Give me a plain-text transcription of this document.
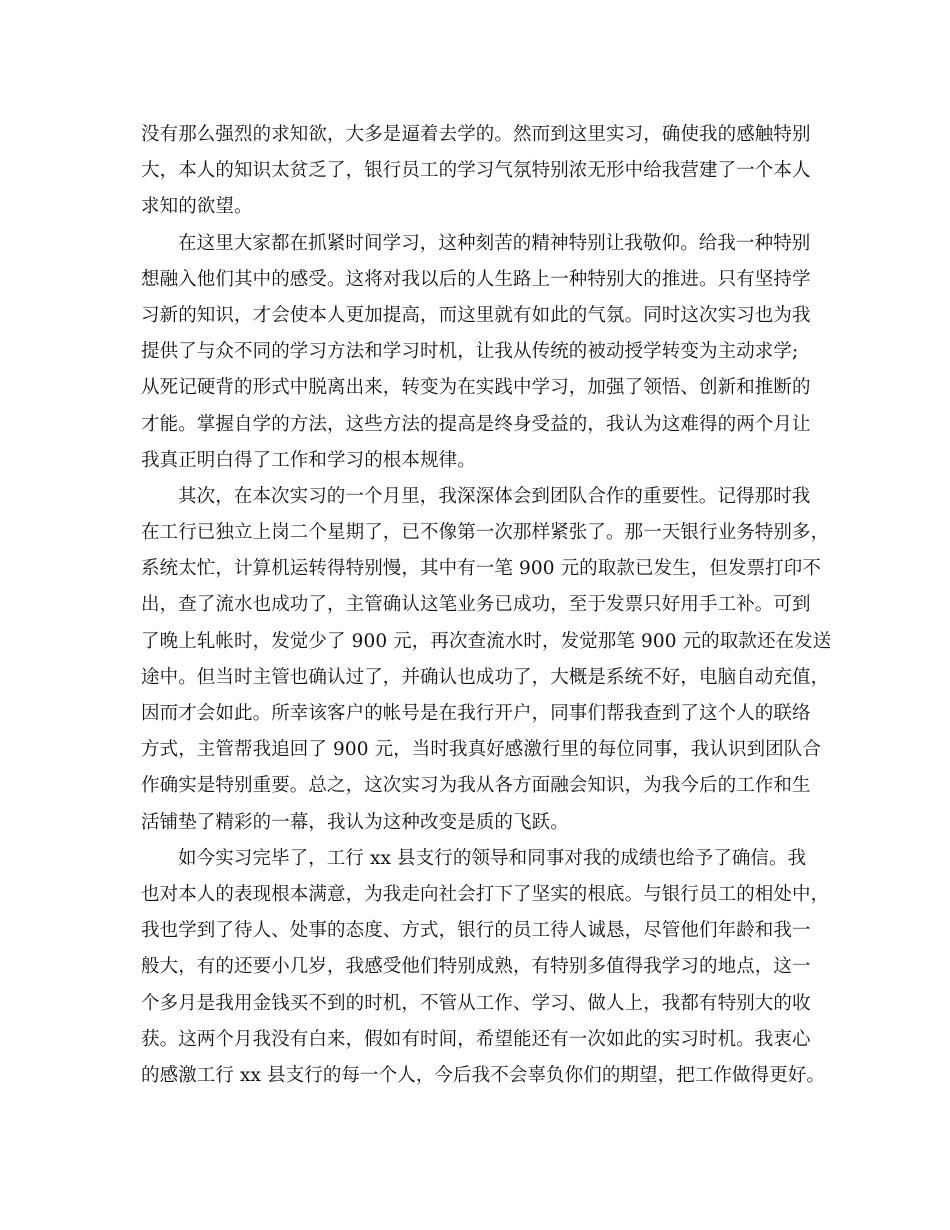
没有那么强烈的求知欲，大多是逼着去学的。然而到这里实习，确使我的感触特别
大，本人的知识太贫乏了，银行员工的学习气氛特别浓无形中给我营建了一个本人
求知的欲望。
在这里大家都在抓紧时间学习，这种刻苦的精神特别让我敬仰。给我一种特别
想融入他们其中的感受。这将对我以后的人生路上一种特别大的推进。只有坚持学
习新的知识，才会使本人更加提高，而这里就有如此的气氛。同时这次实习也为我
提供了与众不同的学习方法和学习时机，让我从传统的被动授学转变为主动求学;
从死记硬背的形式中脱离出来，转变为在实践中学习，加强了领悟、创新和推断的
才能。掌握自学的方法，这些方法的提高是终身受益的，我认为这难得的两个月让
我真正明白得了工作和学习的根本规律。
其次，在本次实习的一个月里，我深深体会到团队合作的重要性。记得那时我
在工行已独立上岗二个星期了，已不像第一次那样紧张了。那一天银行业务特别多，
系统太忙，计算机运转得特别慢，其中有一笔 900 元的取款已发生，但发票打印不
出，查了流水也成功了，主管确认这笔业务已成功，至于发票只好用手工补。可到
了晚上轧帐时，发觉少了 900 元，再次查流水时，发觉那笔 900 元的取款还在发送
途中。但当时主管也确认过了，并确认也成功了，大概是系统不好，电脑自动充值，
因而才会如此。所幸该客户的帐号是在我行开户，同事们帮我查到了这个人的联络
方式，主管帮我追回了 900 元，当时我真好感激行里的每位同事，我认识到团队合
作确实是特别重要。总之，这次实习为我从各方面融会知识，为我今后的工作和生
活铺垫了精彩的一幕，我认为这种改变是质的飞跃。
如今实习完毕了，工行 xx 县支行的领导和同事对我的成绩也给予了确信。我
也对本人的表现根本满意，为我走向社会打下了坚实的根底。与银行员工的相处中，
我也学到了待人、处事的态度、方式，银行的员工待人诚恳，尽管他们年龄和我一
般大，有的还要小几岁，我感受他们特别成熟，有特别多值得我学习的地点，这一
个多月是我用金钱买不到的时机，不管从工作、学习、做人上，我都有特别大的收
获。这两个月我没有白来，假如有时间，希望能还有一次如此的实习时机。我衷心
的感激工行 xx 县支行的每一个人，今后我不会辜负你们的期望，把工作做得更好。
